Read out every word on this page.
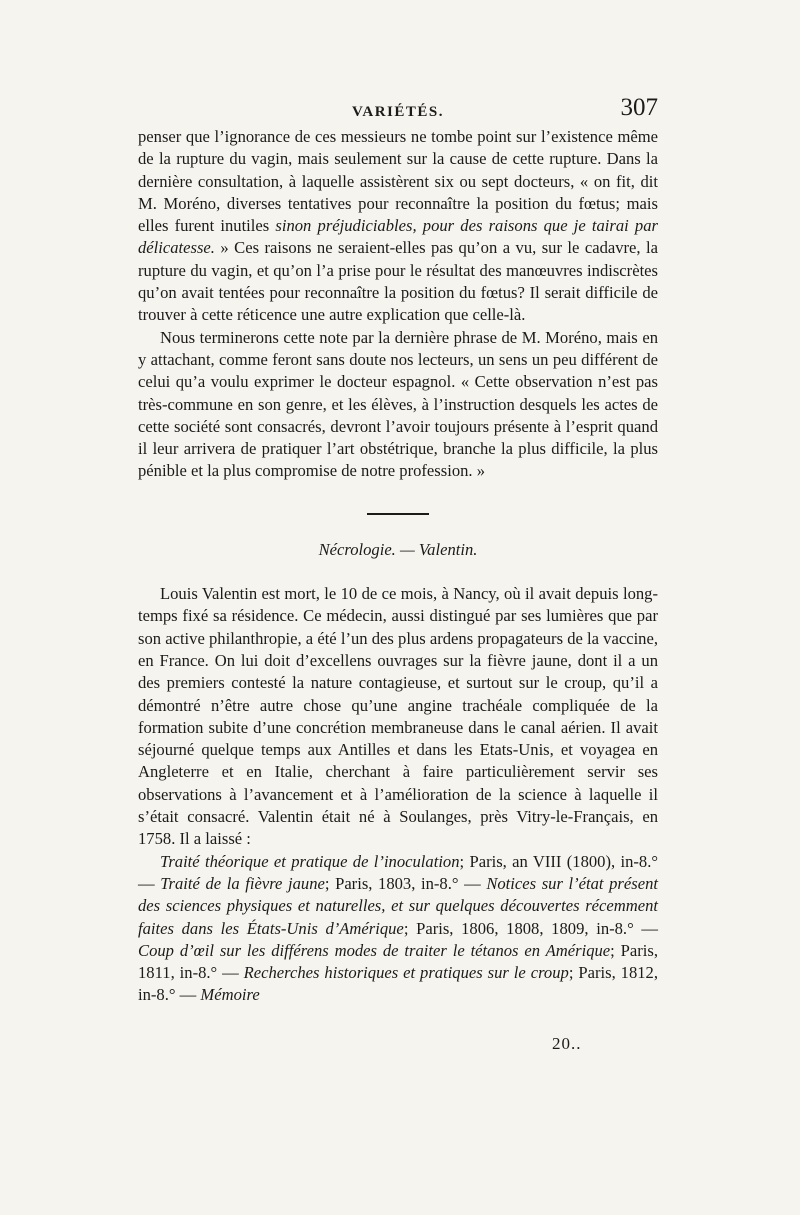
VARIÉTÉS.	307

penser que l’ignorance de ces messieurs ne tombe point sur l’existence même de la rupture du vagin, mais seulement sur la cause de cette rupture. Dans la dernière consultation, à laquelle assistèrent six ou sept docteurs, « on fit, dit M. Moréno, diverses tentatives pour reconnaître la position du fœtus; mais elles furent inutiles sinon préjudiciables, pour des raisons que je tairai par délicatesse. » Ces raisons ne seraient-elles pas qu’on a vu, sur le cadavre, la rupture du vagin, et qu’on l’a prise pour le résultat des manœuvres indiscrètes qu’on avait tentées pour reconnaître la position du fœtus? Il serait difficile de trouver à cette réticence une autre explication que celle-là.

Nous terminerons cette note par la dernière phrase de M. Moréno, mais en y attachant, comme feront sans doute nos lecteurs, un sens un peu différent de celui qu’a voulu exprimer le docteur espagnol. « Cette observation n’est pas très-commune en son genre, et les élèves, à l’instruction desquels les actes de cette société sont consacrés, devront l’avoir toujours présente à l’esprit quand il leur arrivera de pratiquer l’art obstétrique, branche la plus difficile, la plus pénible et la plus compromise de notre profession. »

Nécrologie. — Valentin.

Louis Valentin est mort, le 10 de ce mois, à Nancy, où il avait depuis long-temps fixé sa résidence. Ce médecin, aussi distingué par ses lumières que par son active philanthropie, a été l’un des plus ardens propagateurs de la vaccine, en France. On lui doit d’excellens ouvrages sur la fièvre jaune, dont il a un des premiers contesté la nature contagieuse, et surtout sur le croup, qu’il a démontré n’être autre chose qu’une angine trachéale compliquée de la formation subite d’une concrétion membraneuse dans le canal aérien. Il avait séjourné quelque temps aux Antilles et dans les Etats-Unis, et voyagea en Angleterre et en Italie, cherchant à faire particulièrement servir ses observations à l’avancement et à l’amélioration de la science à laquelle il s’était consacré. Valentin était né à Soulanges, près Vitry-le-Français, en 1758. Il a laissé :

Traité théorique et pratique de l’inoculation; Paris, an VIII (1800), in-8.° — Traité de la fièvre jaune; Paris, 1803, in-8.° — Notices sur l’état présent des sciences physiques et naturelles, et sur quelques découvertes récemment faites dans les États-Unis d’Amérique; Paris, 1806, 1808, 1809, in-8.° — Coup d’œil sur les différens modes de traiter le tétanos en Amérique; Paris, 1811, in-8.° — Recherches historiques et pratiques sur le croup; Paris, 1812, in-8.° — Mémoire

20..
